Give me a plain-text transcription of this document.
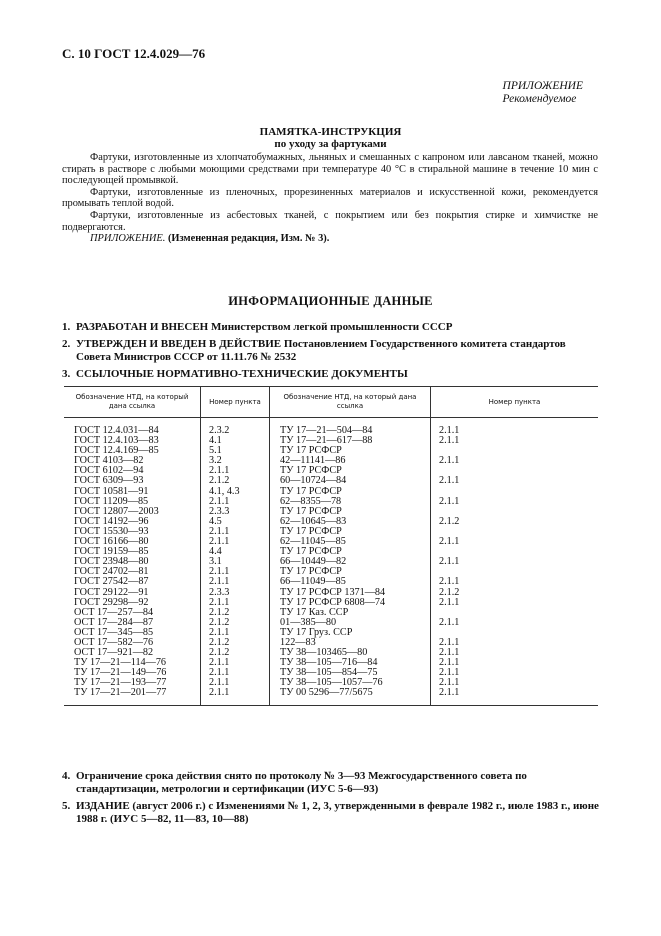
С. 10 ГОСТ 12.4.029—76
ПРИЛОЖЕНИЕ
Рекомендуемое
ПАМЯТКА-ИНСТРУКЦИЯ
по уходу за фартуками

Фартуки, изготовленные из хлопчатобумажных, льняных и смешанных с капроном или лавсаном тканей, можно стирать в растворе с любыми моющими средствами при температуре 40 °С в стиральной машине в течение 10 мин с последующей промывкой.

Фартуки, изготовленные из пленочных, прорезиненных материалов и искусственной кожи, рекомендуется промывать теплой водой.

Фартуки, изготовленные из асбестовых тканей, с покрытием или без покрытия стирке и химчистке не подвергаются.

ПРИЛОЖЕНИЕ. (Измененная редакция, Изм. № 3).

ИНФОРМАЦИОННЫЕ ДАННЫЕ
1. РАЗРАБОТАН И ВНЕСЕН Министерством легкой промышленности СССР
2. УТВЕРЖДЕН И ВВЕДЕН В ДЕЙСТВИЕ Постановлением Государственного комитета стандартов Совета Министров СССР от 11.11.76 № 2532
3. ССЫЛОЧНЫЕ НОРМАТИВНО-ТЕХНИЧЕСКИЕ ДОКУМЕНТЫ
Обозначение НТД, на который дана ссылка	Номер пункта	Обозначение НТД, на который дана ссылка	Номер пункта
ГОСТ 12.4.031—84	2.3.2	ТУ 17—21—504—84	2.1.1
ГОСТ 12.4.103—83	4.1	ТУ 17—21—617—88	2.1.1
ГОСТ 12.4.169—85	5.1	ТУ 17 РСФСР	
ГОСТ 4103—82	3.2	42—11141—86	2.1.1
ГОСТ 6102—94	2.1.1	ТУ 17 РСФСР	
ГОСТ 6309—93	2.1.2	60—10724—84	2.1.1
ГОСТ 10581—91	4.1, 4.3	ТУ 17 РСФСР	
ГОСТ 11209—85	2.1.1	62—8355—78	2.1.1
ГОСТ 12807—2003	2.3.3	ТУ 17 РСФСР	
ГОСТ 14192—96	4.5	62—10645—83	2.1.2
ГОСТ 15530—93	2.1.1	ТУ 17 РСФСР	
ГОСТ 16166—80	2.1.1	62—11045—85	2.1.1
ГОСТ 19159—85	4.4	ТУ 17 РСФСР	
ГОСТ 23948—80	3.1	66—10449—82	2.1.1
ГОСТ 24702—81	2.1.1	ТУ 17 РСФСР	
ГОСТ 27542—87	2.1.1	66—11049—85	2.1.1
ГОСТ 29122—91	2.3.3	ТУ 17 РСФСР 1371—84	2.1.2
ГОСТ 29298—92	2.1.1	ТУ 17 РСФСР 6808—74	2.1.1
ОСТ 17—257—84	2.1.2	ТУ 17 Каз. ССР	
ОСТ 17—284—87	2.1.2	01—385—80	2.1.1
ОСТ 17—345—85	2.1.1	ТУ 17 Груз. ССР	
ОСТ 17—582—76	2.1.2	122—83	2.1.1
ОСТ 17—921—82	2.1.2	ТУ 38—103465—80	2.1.1
ТУ 17—21—114—76	2.1.1	ТУ 38—105—716—84	2.1.1
ТУ 17—21—149—76	2.1.1	ТУ 38—105—854—75	2.1.1
ТУ 17—21—193—77	2.1.1	ТУ 38—105—1057—76	2.1.1
ТУ 17—21—201—77	2.1.1	ТУ 00 5296—77/5675	2.1.1
4. Ограничение срока действия снято по протоколу № 3—93 Межгосударственного совета по стандартизации, метрологии и сертификации (ИУС 5-6—93)
5. ИЗДАНИЕ (август 2006 г.) с Изменениями № 1, 2, 3, утвержденными в феврале 1982 г., июле 1983 г., июне 1988 г. (ИУС 5—82, 11—83, 10—88)
